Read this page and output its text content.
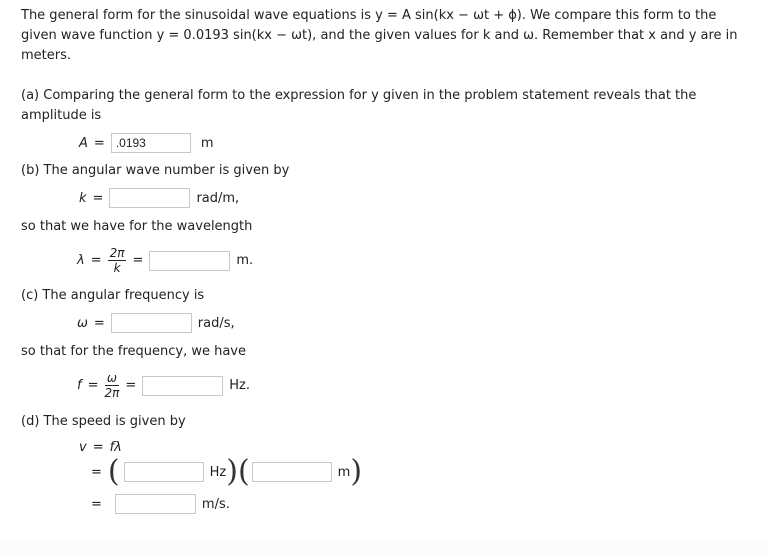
The general form for the sinusoidal wave equations is y = A sin(kx − ωt + ϕ). We compare this form to the
given wave function y = 0.0193 sin(kx − ωt), and the given values for k and ω. Remember that x and y are in
meters.
(a) Comparing the general form to the expression for y given in the problem statement reveals that the
amplitude is
A =
.0193	m
(b) The angular wave number is given by
k =	rad/m,
so that we have for the wavelength
$\lambda = \frac{2\pi}{k}$ =	m.
(c) The angular frequency is
ω =	rad/s,
so that for the frequency, we have
$f = \frac{\omega}{2\pi}$ =	Hz.
(d) The speed is given by
v = fλ
= (	Hz ) (	m )
=	m/s.
